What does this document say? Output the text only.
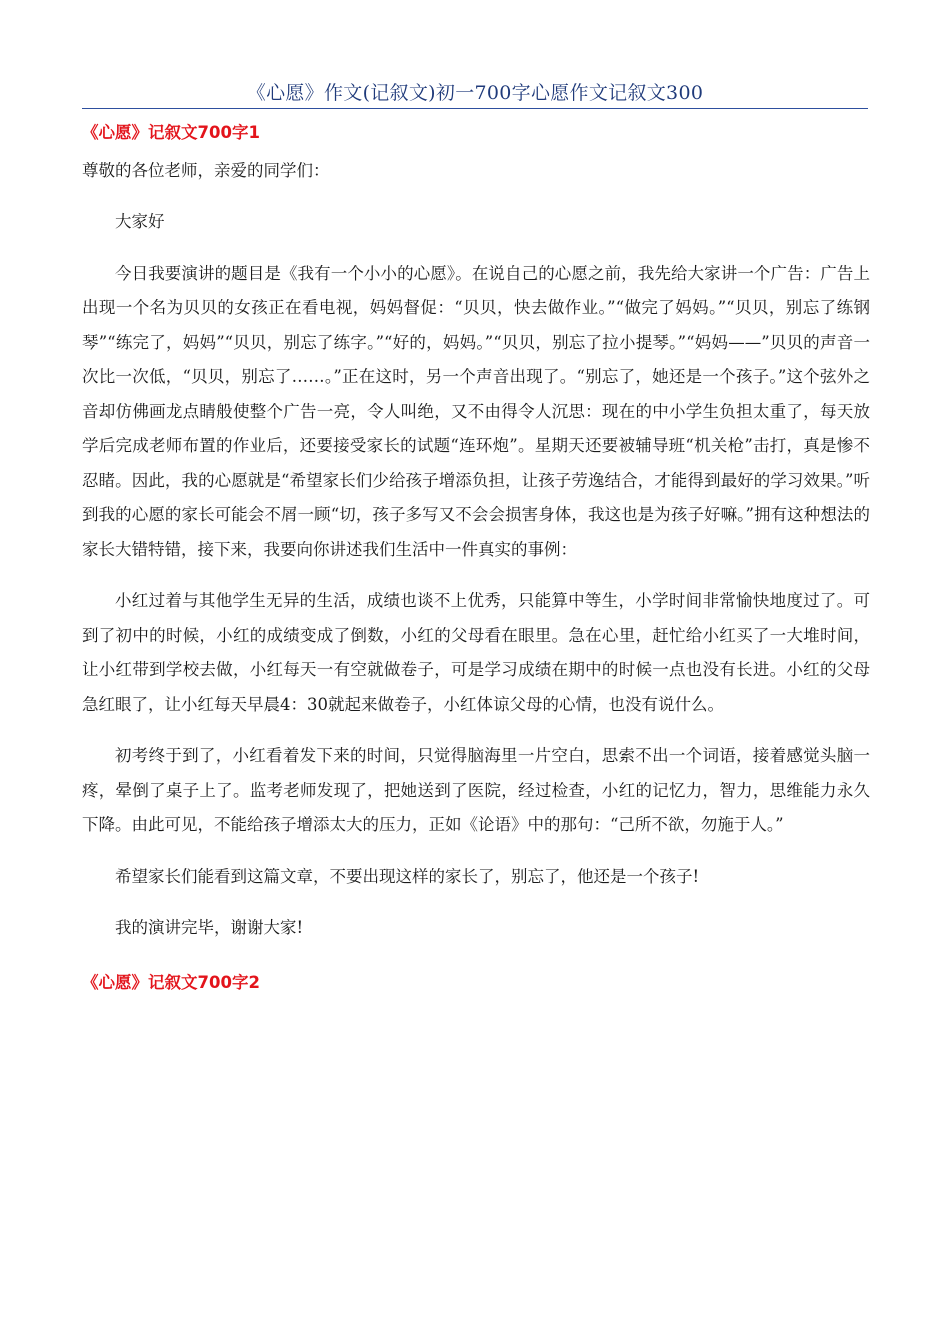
《心愿》作文(记叙文)初一700字心愿作文记叙文300
《心愿》记叙文700字1

尊敬的各位老师，亲爱的同学们：

大家好

今日我要演讲的题目是《我有一个小小的心愿》。在说自己的心愿之前，我先给大家讲一个广告：广告上出现一个名为贝贝的女孩正在看电视，妈妈督促：“贝贝，快去做作业。”“做完了妈妈。”“贝贝，别忘了练钢琴”“练完了，妈妈”“贝贝，别忘了练字。”“好的，妈妈。”“贝贝，别忘了拉小提琴。”“妈妈——”贝贝的声音一次比一次低，“贝贝，别忘了……。”正在这时，另一个声音出现了。“别忘了，她还是一个孩子。”这个弦外之音却仿佛画龙点睛般使整个广告一亮，令人叫绝，又不由得令人沉思：现在的中小学生负担太重了，每天放学后完成老师布置的作业后，还要接受家长的试题“连环炮”。星期天还要被辅导班“机关枪”击打，真是惨不忍睹。因此，我的心愿就是“希望家长们少给孩子增添负担，让孩子劳逸结合，才能得到最好的学习效果。”听到我的心愿的家长可能会不屑一顾“切，孩子多写又不会会损害身体，我这也是为孩子好嘛。”拥有这种想法的家长大错特错，接下来，我要向你讲述我们生活中一件真实的事例：

小红过着与其他学生无异的生活，成绩也谈不上优秀，只能算中等生，小学时间非常愉快地度过了。可到了初中的时候，小红的成绩变成了倒数，小红的父母看在眼里。急在心里，赶忙给小红买了一大堆时间，让小红带到学校去做，小红每天一有空就做卷子，可是学习成绩在期中的时候一点也没有长进。小红的父母急红眼了，让小红每天早晨4：30就起来做卷子，小红体谅父母的心情，也没有说什么。

初考终于到了，小红看着发下来的时间，只觉得脑海里一片空白，思索不出一个词语，接着感觉头脑一疼，晕倒了桌子上了。监考老师发现了，把她送到了医院，经过检查，小红的记忆力，智力，思维能力永久下降。由此可见，不能给孩子增添太大的压力，正如《论语》中的那句：“己所不欲，勿施于人。”

希望家长们能看到这篇文章，不要出现这样的家长了，别忘了，他还是一个孩子!

我的演讲完毕，谢谢大家!

《心愿》记叙文700字2
